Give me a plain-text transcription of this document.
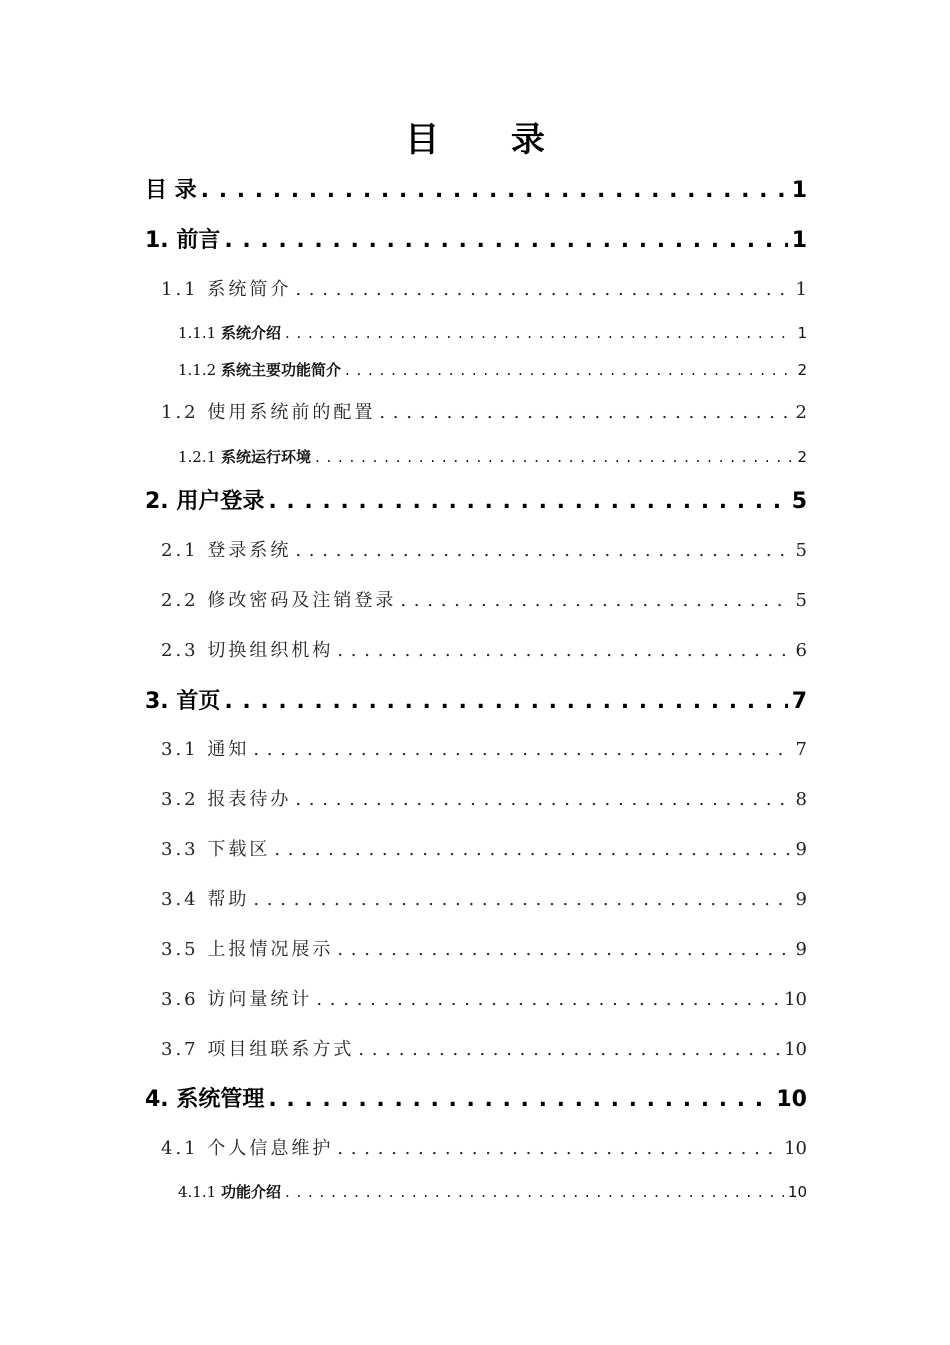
目 录
目 录 . . .	1
1. 前言 . . .	1
1.1 系统简介 . . .	1
1.1.1 系统介绍 . . .	1
1.1.2 系统主要功能简介 . . .	2
1.2 使用系统前的配置 . . .	2
1.2.1 系统运行环境 . . .	2
2. 用户登录 . . .	5
2.1 登录系统 . . .	5
2.2 修改密码及注销登录 . . .	5
2.3 切换组织机构 . . .	6
3. 首页 . . .	7
3.1 通知 . . .	7
3.2 报表待办 . . .	8
3.3 下载区 . . .	9
3.4 帮助 . . .	9
3.5 上报情况展示 . . .	9
3.6 访问量统计 . . .	10
3.7 项目组联系方式 . . .	10
4. 系统管理 . . .	10
4.1 个人信息维护 . . .	10
4.1.1 功能介绍 . . .	10
